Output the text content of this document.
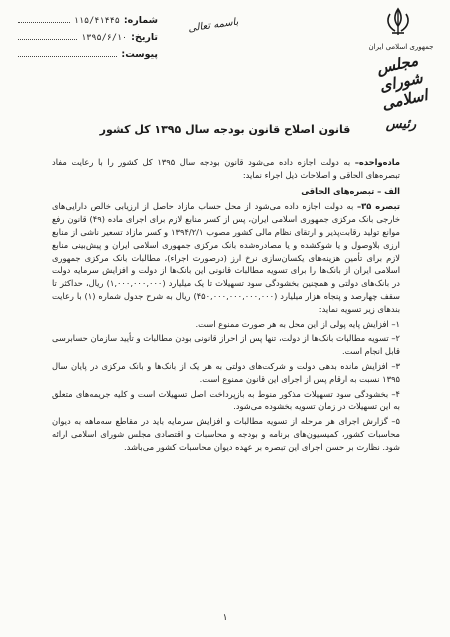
شماره:
۱۱۵/۴۱۴۴۵
تاریخ:
۱۳۹۵/۶/۱۰
پیوست:
باسمه تعالی
جمهوری اسلامی ایران
مجلس شورای اسلامی
رئیس
قانون اصلاح قانون بودجه سال ۱۳۹۵ کل کشور

ماده‌واحده– به دولت اجازه داده می‌شود قانون بودجه سال ۱۳۹۵ کل کشور را با رعایت مفاد تبصره‌های الحاقی و اصلاحات ذیل اجراء نماید:

الف – تبصره‌های الحاقی

تبصره ۳۵– به دولت اجازه داده می‌شود از محل حساب مازاد حاصل از ارزیابی خالص دارایی‌های خارجی بانک مرکزی جمهوری اسلامی ایران، پس از کسر منابع لازم برای اجرای ماده (۴۹) قانون رفع موانع تولید رقابت‌پذیر و ارتقای نظام مالی کشور مصوب ۱۳۹۴/۲/۱ و کسر مازاد تسعیر ناشی از منابع ارزی بلاوصول و یا شوکشده و یا مصادره‌شده بانک مرکزی جمهوری اسلامی ایران و پیش‌بینی منابع لازم برای تأمین هزینه‌های یکسان‌سازی نرخ ارز (درصورت اجراء)، مطالبات بانک مرکزی جمهوری اسلامی ایران از بانک‌ها را برای تسویه مطالبات قانونی این بانک‌ها از دولت و افزایش سرمایه دولت در بانک‌های دولتی و همچنین بخشودگی سود تسهیلات تا یک میلیارد (۱,۰۰۰,۰۰۰,۰۰۰) ریال، حداکثر تا سقف چهارصد و پنجاه هزار میلیارد (۴۵۰,۰۰۰,۰۰۰,۰۰۰,۰۰۰) ریال به شرح جدول شماره (۱) با رعایت بندهای زیر تسویه نماید:

۱– افزایش پایه پولی از این محل به هر صورت ممنوع است.

۲– تسویه مطالبات بانک‌ها از دولت، تنها پس از احراز قانونی بودن مطالبات و تأیید سازمان حسابرسی قابل انجام است.

۳– افزایش مانده بدهی دولت و شرکت‌های دولتی به هر یک از بانک‌ها و بانک مرکزی در پایان سال ۱۳۹۵ نسبت به ارقام پس از اجرای این قانون ممنوع است.

۴– بخشودگی سود تسهیلات مذکور منوط به بازپرداخت اصل تسهیلات است و کلیه جریمه‌های متعلق به این تسهیلات در زمان تسویه بخشوده می‌شود.

۵– گزارش اجرای هر مرحله از تسویه مطالبات و افزایش سرمایه باید در مقاطع سه‌ماهه به دیوان محاسبات کشور، کمیسیون‌های برنامه و بودجه و محاسبات و اقتصادی مجلس شورای اسلامی ارائه شود. نظارت بر حسن اجرای این تبصره بر عهده دیوان محاسبات کشور می‌باشد.

۱
